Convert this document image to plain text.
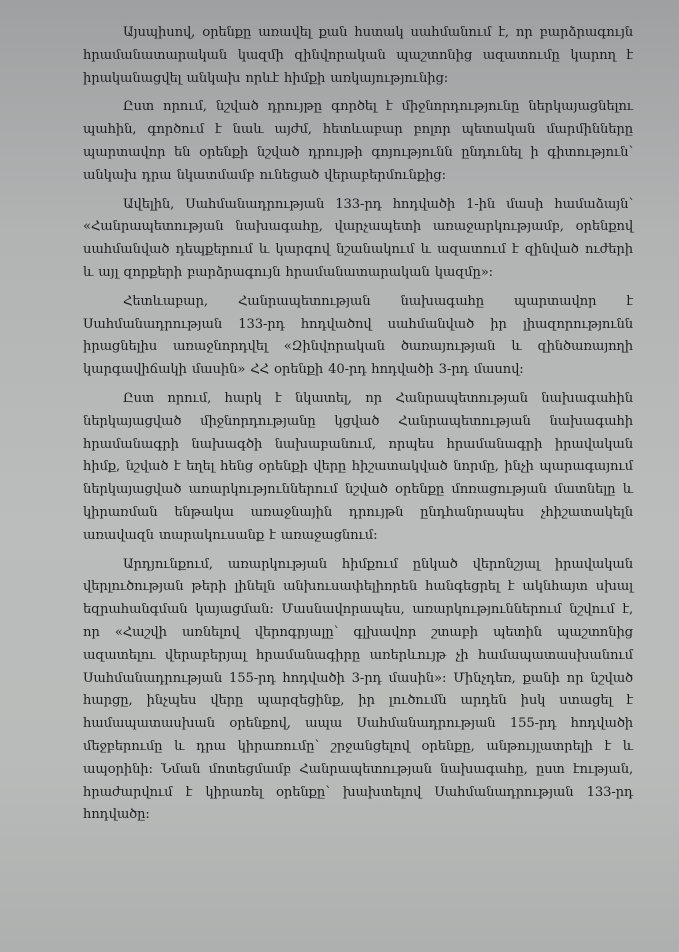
Այսպիսով, օրենքը առավել քան հստակ սահմանում է, որ բարձրագույն հրամանատարական կազմի զինվորական պաշտոնից ազատումը կարող է իրականացվել անկախ որևէ հիմքի առկայությունից:

Ըստ որում, նշված դրույթը գործել է միջնորդությունը ներկայացնելու պահին, գործում է նաև այժմ, հետևաբար բոլոր պետական մարմինները պարտավոր են օրենքի նշված դրույթի գոյությունն ընդունել ի գիտություն՝ անկախ դրա նկատմամբ ունեցած վերաբերմունքից:

Ավելին, Սահմանադրության 133-րդ հոդվածի 1-ին մասի համաձայն՝ «Հանրապետության նախագահը, վարչապետի առաջարկությամբ, օրենքով սահմանված դեպքերում և կարգով նշանակում և ազատում է զինված ուժերի և այլ զորքերի բարձրագույն հրամանատարական կազմը»:

Հետևաբար, Հանրապետության նախագահը պարտավոր է Սահմանադրության 133-րդ հոդվածով սահմանված իր լիազորությունն իրացնելիս առաջնորդվել «Զինվորական ծառայության և զինծառայողի կարգավիճակի մասին» ՀՀ օրենքի 40-րդ հոդվածի 3-րդ մասով:

Ըստ որում, հարկ է նկատել, որ Հանրապետության նախագահին ներկայացված միջնորդությանը կցված Հանրապետության նախագահի հրամանագրի նախագծի նախաբանում, որպես հրամանագրի իրավական հիմք, նշված է եղել հենց օրենքի վերը հիշատակված նորմը, ինչի պարագայում ներկայացված առարկություններում նշված օրենքը մոռացության մատնելը և կիրառման ենթակա առաջնային դրույթն ընդհանրապես չհիշատակելն առավազն տարակուսանք է առաջացնում:

Արդյունքում, առարկության հիմքում ընկած վերոնշյալ իրավական վերլուծության թերի լինելն անխուսափելիորեն հանգեցրել է ակնհայտ սխալ եզրահանգման կայացման: Մասնավորապես, առարկություններում նշվում է, որ «Հաշվի առնելով վերոգրյալը՝ գլխավոր շտաբի պետին պաշտոնից ազատելու վերաբերյալ հրամանագիրը առերևույթ չի համապատասխանում Սահմանադրության 155-րդ հոդվածի 3-րդ մասին»: Մինչդեռ, քանի որ նշված հարցը, ինչպես վերը պարզեցինք, իր լուծումն արդեն իսկ ստացել է համապատասխան օրենքով, ապա Սահմանադրության 155-րդ հոդվածի մեջբերումը և դրա կիրառումը՝ շրջանցելով օրենքը, անթույլատրելի է և ապօրինի: Նման մոտեցմամբ Հանրապետության նախագահը, ըստ էության, հրաժարվում է կիրառել օրենքը՝ խախտելով Սահմանադրության 133-րդ հոդվածը:
